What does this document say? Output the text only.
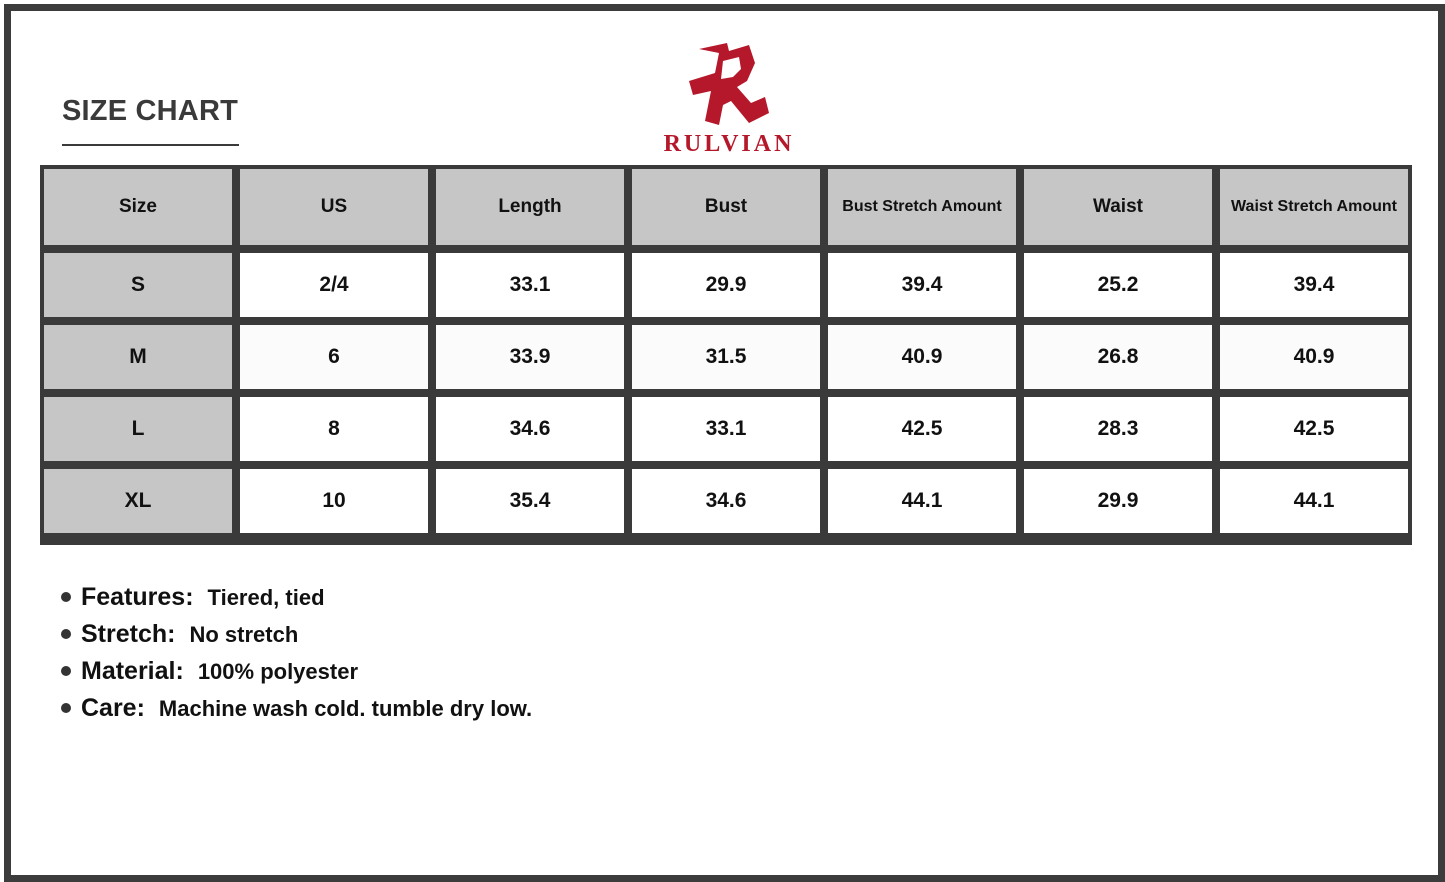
SIZE CHART
RULVIAN
Size	US	Length	Bust	Bust Stretch Amount	Waist	Waist Stretch Amount
S	2/4	33.1	29.9	39.4	25.2	39.4
M	6	33.9	31.5	40.9	26.8	40.9
L	8	34.6	33.1	42.5	28.3	42.5
XL	10	35.4	34.6	44.1	29.9	44.1
Features: Tiered, tied
Stretch: No stretch
Material: 100% polyester
Care: Machine wash cold. tumble dry low.
